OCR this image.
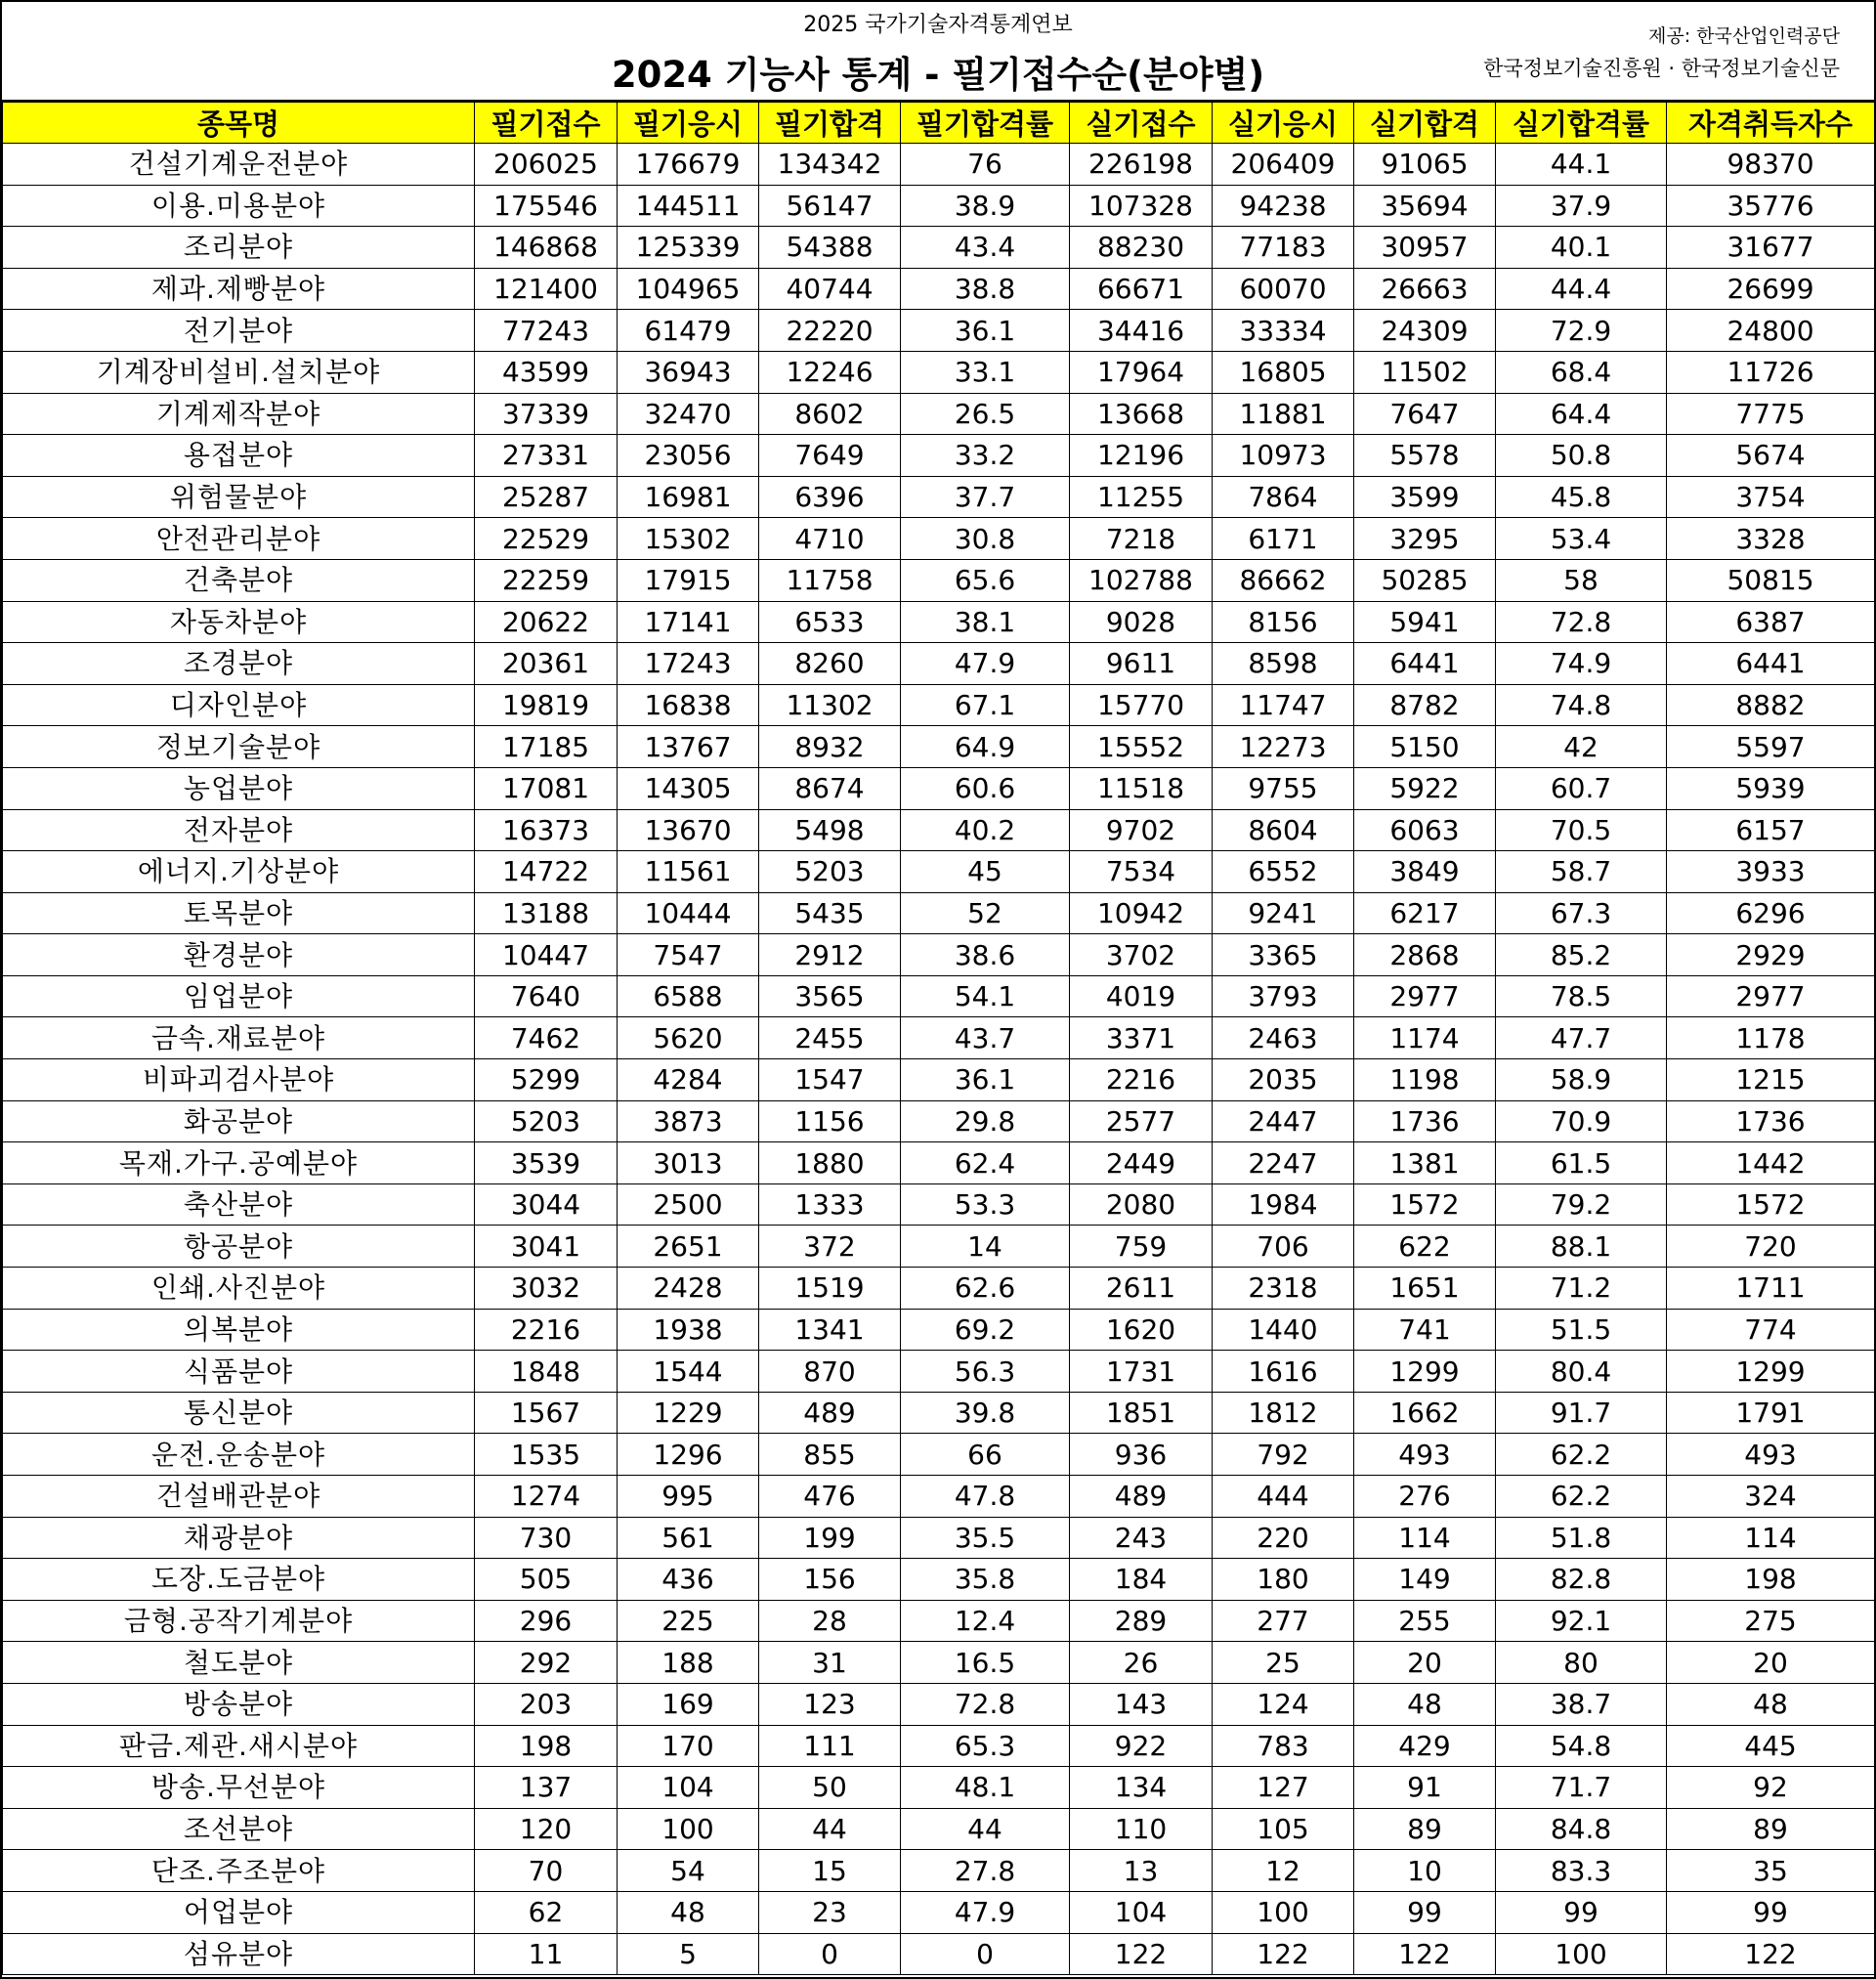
2025 국가기술자격통계연보
2024 기능사 통계 - 필기접수순(분야별)
제공: 한국산업인력공단
한국정보기술진흥원 · 한국정보기술신문
종목명	필기접수	필기응시	필기합격	필기합격률	실기접수	실기응시	실기합격	실기합격률	자격취득자수
건설기계운전분야	206025	176679	134342	76	226198	206409	91065	44.1	98370
이용.미용분야	175546	144511	56147	38.9	107328	94238	35694	37.9	35776
조리분야	146868	125339	54388	43.4	88230	77183	30957	40.1	31677
제과.제빵분야	121400	104965	40744	38.8	66671	60070	26663	44.4	26699
전기분야	77243	61479	22220	36.1	34416	33334	24309	72.9	24800
기계장비설비.설치분야	43599	36943	12246	33.1	17964	16805	11502	68.4	11726
기계제작분야	37339	32470	8602	26.5	13668	11881	7647	64.4	7775
용접분야	27331	23056	7649	33.2	12196	10973	5578	50.8	5674
위험물분야	25287	16981	6396	37.7	11255	7864	3599	45.8	3754
안전관리분야	22529	15302	4710	30.8	7218	6171	3295	53.4	3328
건축분야	22259	17915	11758	65.6	102788	86662	50285	58	50815
자동차분야	20622	17141	6533	38.1	9028	8156	5941	72.8	6387
조경분야	20361	17243	8260	47.9	9611	8598	6441	74.9	6441
디자인분야	19819	16838	11302	67.1	15770	11747	8782	74.8	8882
정보기술분야	17185	13767	8932	64.9	15552	12273	5150	42	5597
농업분야	17081	14305	8674	60.6	11518	9755	5922	60.7	5939
전자분야	16373	13670	5498	40.2	9702	8604	6063	70.5	6157
에너지.기상분야	14722	11561	5203	45	7534	6552	3849	58.7	3933
토목분야	13188	10444	5435	52	10942	9241	6217	67.3	6296
환경분야	10447	7547	2912	38.6	3702	3365	2868	85.2	2929
임업분야	7640	6588	3565	54.1	4019	3793	2977	78.5	2977
금속.재료분야	7462	5620	2455	43.7	3371	2463	1174	47.7	1178
비파괴검사분야	5299	4284	1547	36.1	2216	2035	1198	58.9	1215
화공분야	5203	3873	1156	29.8	2577	2447	1736	70.9	1736
목재.가구.공예분야	3539	3013	1880	62.4	2449	2247	1381	61.5	1442
축산분야	3044	2500	1333	53.3	2080	1984	1572	79.2	1572
항공분야	3041	2651	372	14	759	706	622	88.1	720
인쇄.사진분야	3032	2428	1519	62.6	2611	2318	1651	71.2	1711
의복분야	2216	1938	1341	69.2	1620	1440	741	51.5	774
식품분야	1848	1544	870	56.3	1731	1616	1299	80.4	1299
통신분야	1567	1229	489	39.8	1851	1812	1662	91.7	1791
운전.운송분야	1535	1296	855	66	936	792	493	62.2	493
건설배관분야	1274	995	476	47.8	489	444	276	62.2	324
채광분야	730	561	199	35.5	243	220	114	51.8	114
도장.도금분야	505	436	156	35.8	184	180	149	82.8	198
금형.공작기계분야	296	225	28	12.4	289	277	255	92.1	275
철도분야	292	188	31	16.5	26	25	20	80	20
방송분야	203	169	123	72.8	143	124	48	38.7	48
판금.제관.새시분야	198	170	111	65.3	922	783	429	54.8	445
방송.무선분야	137	104	50	48.1	134	127	91	71.7	92
조선분야	120	100	44	44	110	105	89	84.8	89
단조.주조분야	70	54	15	27.8	13	12	10	83.3	35
어업분야	62	48	23	47.9	104	100	99	99	99
섬유분야	11	5	0	0	122	122	122	100	122
